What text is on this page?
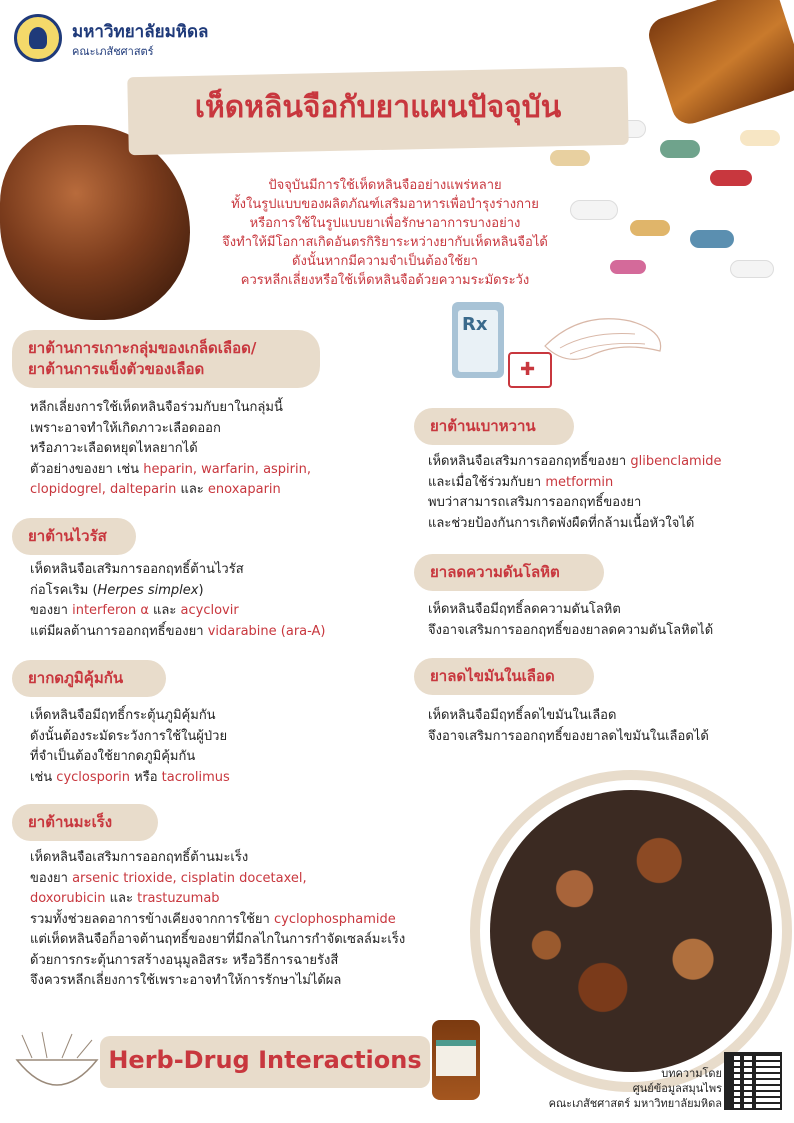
มหาวิทยาลัยมหิดล
คณะเภสัชศาสตร์
เห็ดหลินจือกับยาแผนปัจจุบัน
ปัจจุบันมีการใช้เห็ดหลินจืออย่างแพร่หลาย
ทั้งในรูปแบบของผลิตภัณฑ์เสริมอาหารเพื่อบำรุงร่างกาย
หรือการใช้ในรูปแบบยาเพื่อรักษาอาการบางอย่าง
จึงทำให้มีโอกาสเกิดอันตรกิริยาระหว่างยากับเห็ดหลินจือได้
ดังนั้นหากมีความจำเป็นต้องใช้ยา
ควรหลีกเลี่ยงหรือใช้เห็ดหลินจือด้วยความระมัดระวัง
Rx
✚
ยาต้านการเกาะกลุ่มของเกล็ดเลือด/
ยาต้านการแข็งตัวของเลือด
หลีกเลี่ยงการใช้เห็ดหลินจือร่วมกับยาในกลุ่มนี้
เพราะอาจทำให้เกิดภาวะเลือดออก
หรือภาวะเลือดหยุดไหลยากได้
ตัวอย่างของยา เช่น heparin, warfarin, aspirin,
clopidogrel, dalteparin และ enoxaparin
ยาต้านไวรัส
เห็ดหลินจือเสริมการออกฤทธิ์ต้านไวรัส
ก่อโรคเริม (Herpes simplex)
ของยา interferon α และ acyclovir
แต่มีผลต้านการออกฤทธิ์ของยา vidarabine (ara-A)
ยากดภูมิคุ้มกัน
เห็ดหลินจือมีฤทธิ์กระตุ้นภูมิคุ้มกัน
ดังนั้นต้องระมัดระวังการใช้ในผู้ป่วย
ที่จำเป็นต้องใช้ยากดภูมิคุ้มกัน
เช่น cyclosporin หรือ tacrolimus
ยาต้านมะเร็ง
เห็ดหลินจือเสริมการออกฤทธิ์ต้านมะเร็ง
ของยา arsenic trioxide, cisplatin docetaxel,
doxorubicin และ trastuzumab
รวมทั้งช่วยลดอาการข้างเคียงจากการใช้ยา cyclophosphamide
แต่เห็ดหลินจือก็อาจต้านฤทธิ์ของยาที่มีกลไกในการกำจัดเซลล์มะเร็ง
ด้วยการกระตุ้นการสร้างอนุมูลอิสระ หรือวิธีการฉายรังสี
จึงควรหลีกเลี่ยงการใช้เพราะอาจทำให้การรักษาไม่ได้ผล
ยาต้านเบาหวาน
เห็ดหลินจือเสริมการออกฤทธิ์ของยา glibenclamide
และเมื่อใช้ร่วมกับยา metformin
พบว่าสามารถเสริมการออกฤทธิ์ของยา
และช่วยป้องกันการเกิดพังผืดที่กล้ามเนื้อหัวใจได้
ยาลดความดันโลหิต
เห็ดหลินจือมีฤทธิ์ลดความดันโลหิต
จึงอาจเสริมการออกฤทธิ์ของยาลดความดันโลหิตได้
ยาลดไขมันในเลือด
เห็ดหลินจือมีฤทธิ์ลดไขมันในเลือด
จึงอาจเสริมการออกฤทธิ์ของยาลดไขมันในเลือดได้
Herb-Drug Interactions	บทความโดย
ศูนย์ข้อมูลสมุนไพร
คณะเภสัชศาสตร์ มหาวิทยาลัยมหิดล
